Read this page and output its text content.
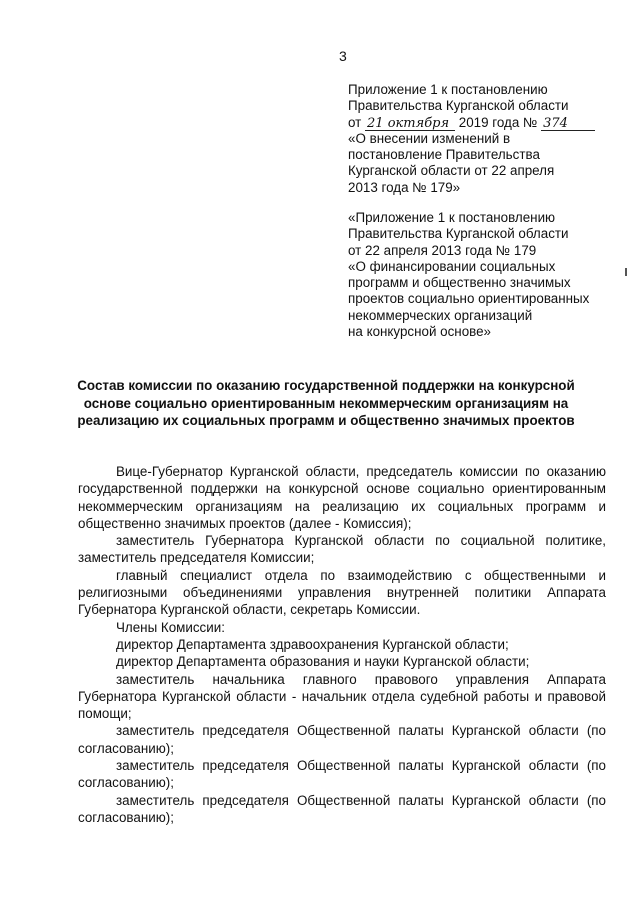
3
Приложение 1 к постановлению
Правительства Курганской области
от 21 октября 2019 года № 374
«О внесении изменений в
постановление Правительства
Курганской области от 22 апреля
2013 года № 179»
«Приложение 1 к постановлению
Правительства Курганской области
от 22 апреля 2013 года № 179
«О финансировании социальных
программ и общественно значимых
проектов социально ориентированных
некоммерческих организаций
на конкурсной основе»
Состав комиссии по оказанию государственной поддержки на конкурсной
основе социально ориентированным некоммерческим организациям на
реализацию их социальных программ и общественно значимых проектов

Вице-Губернатор Курганской области, председатель комиссии по оказанию государственной поддержки на конкурсной основе социально ориентированным некоммерческим организациям на реализацию их социальных программ и общественно значимых проектов (далее - Комиссия);

заместитель Губернатора Курганской области по социальной политике, заместитель председателя Комиссии;

главный специалист отдела по взаимодействию с общественными и религиозными объединениями управления внутренней политики Аппарата Губернатора Курганской области, секретарь Комиссии.

Члены Комиссии:

директор Департамента здравоохранения Курганской области;

директор Департамента образования и науки Курганской области;

заместитель начальника главного правового управления Аппарата Губернатора Курганской области - начальник отдела судебной работы и правовой помощи;

заместитель председателя Общественной палаты Курганской области (по согласованию);

заместитель председателя Общественной палаты Курганской области (по согласованию);

заместитель председателя Общественной палаты Курганской области (по согласованию);
